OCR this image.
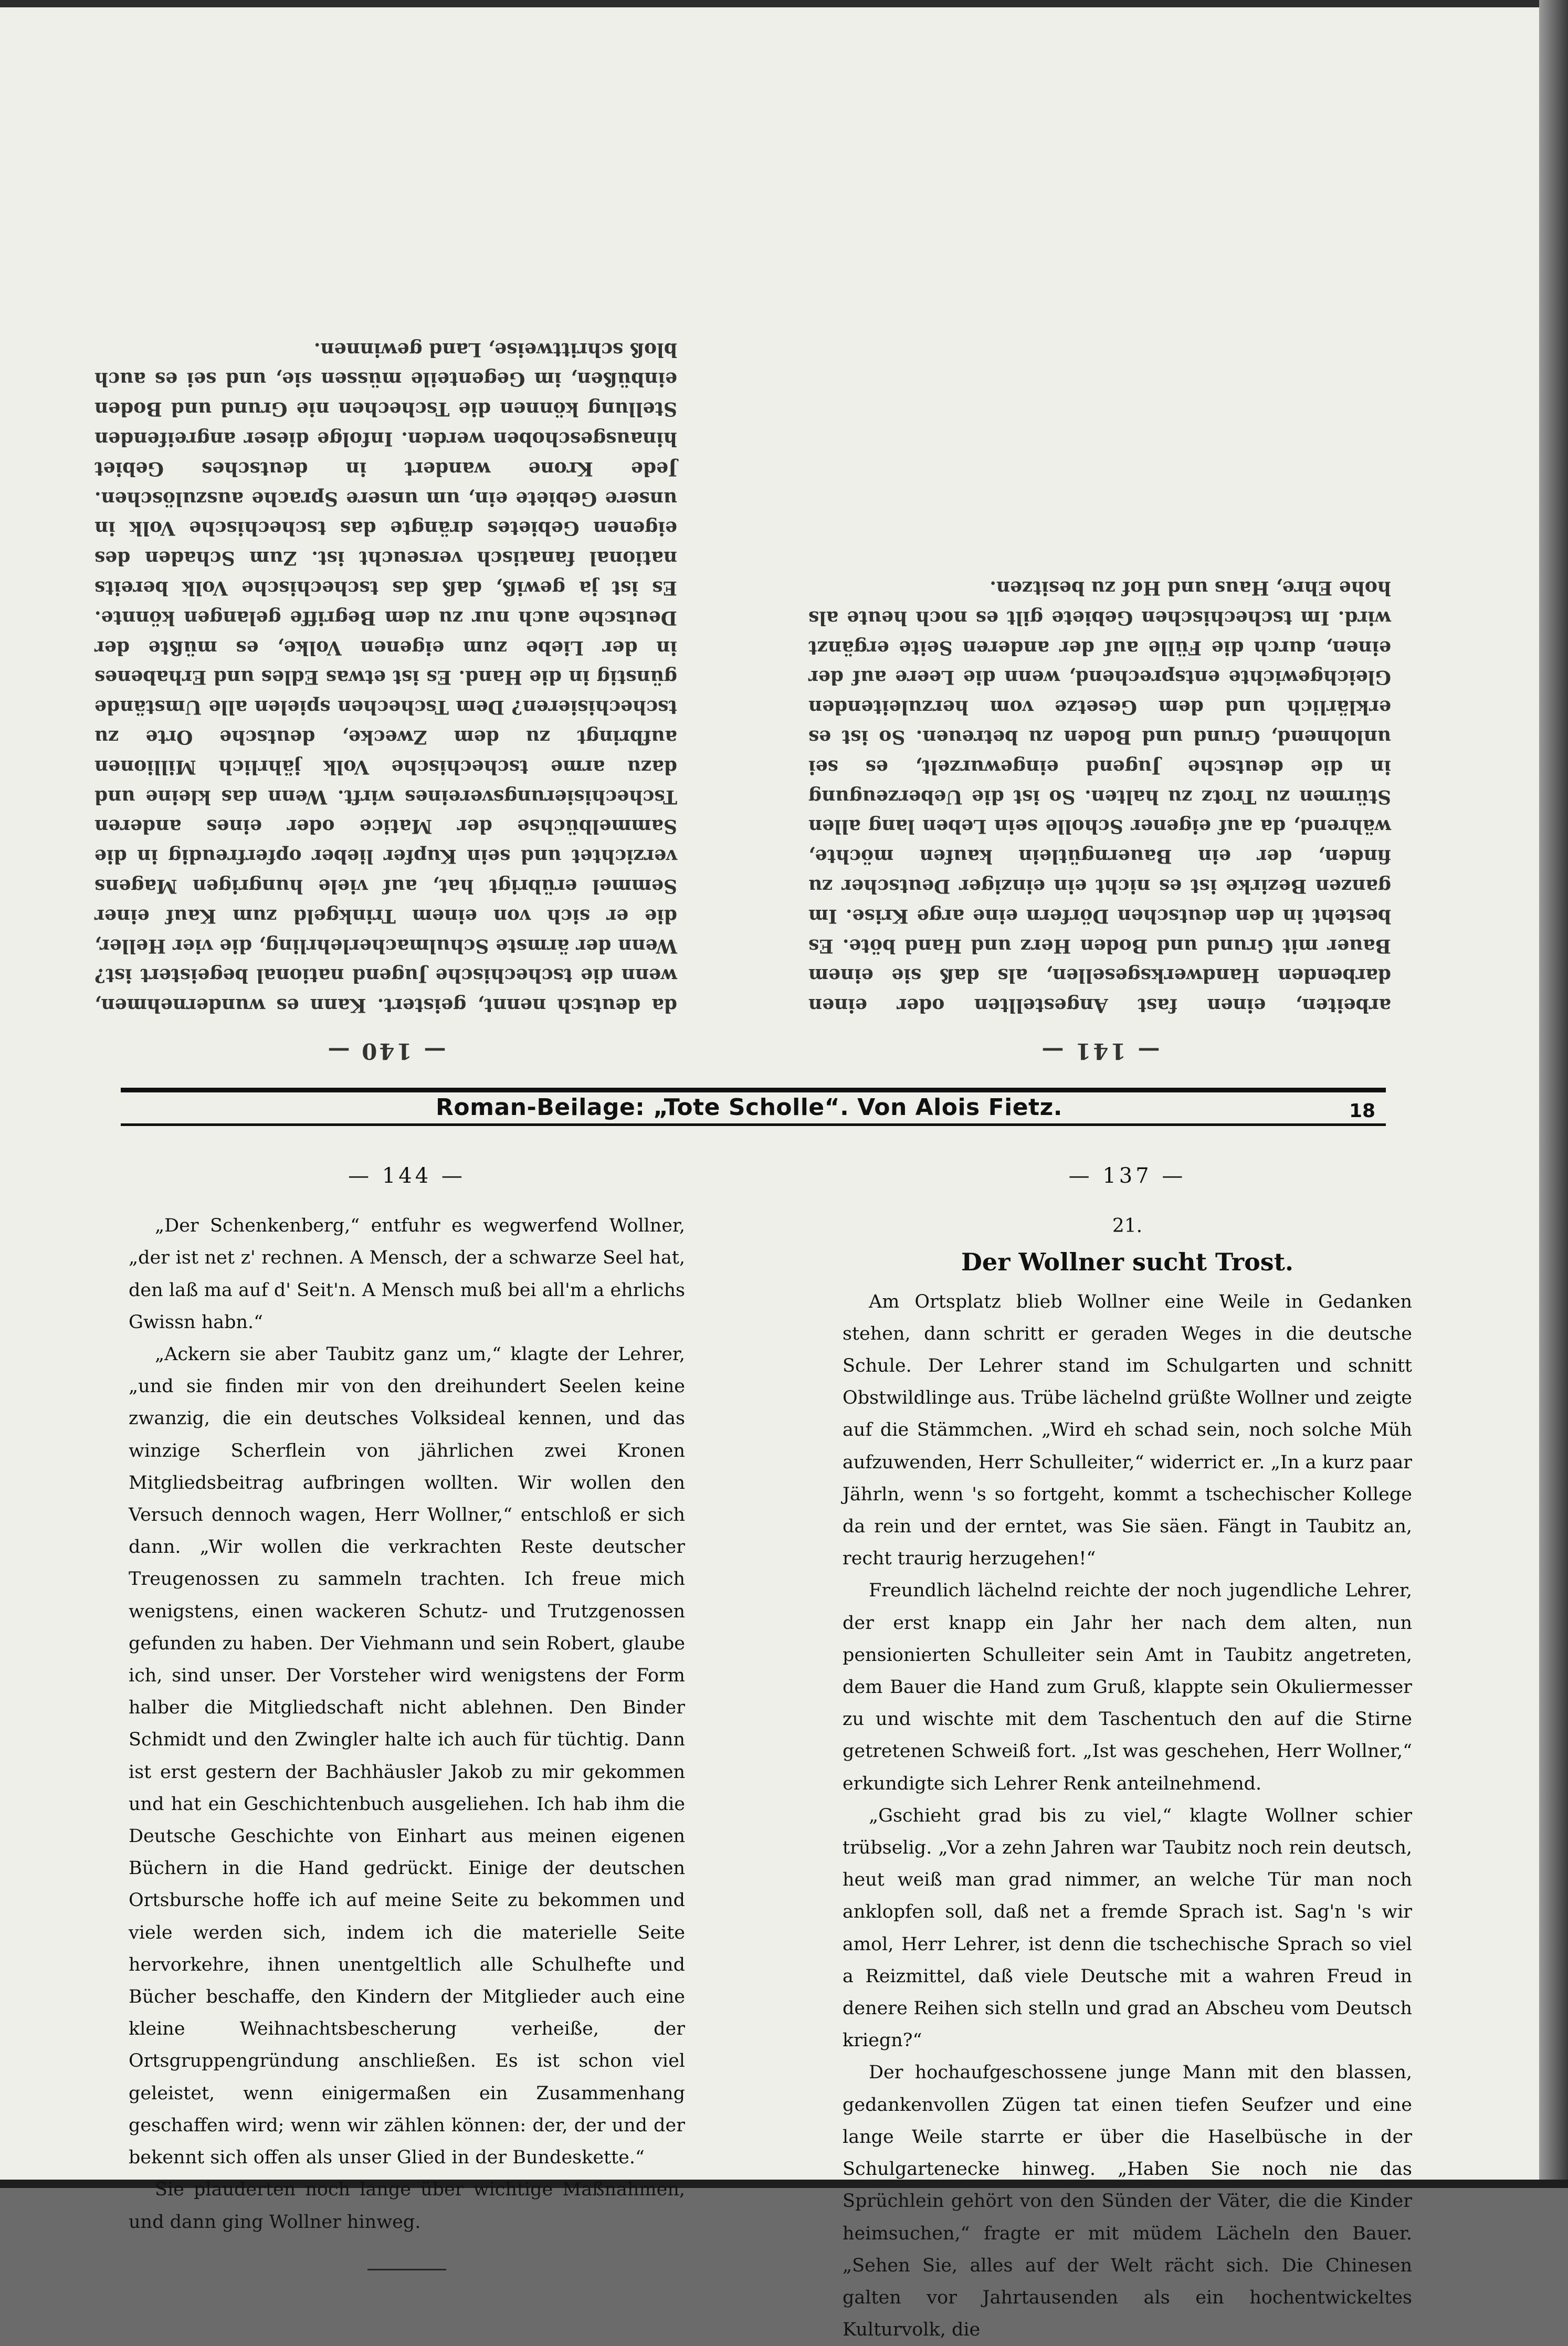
— 141 —
arbeiten, einen fast Angestellten oder einen darbenden Handwerksgesellen, als daß sie einem Bauer mit Grund und Boden Herz und Hand böte. Es besteht in den deutschen Dörfern eine arge Krise. Im ganzen Bezirke ist es nicht ein einziger Deutscher zu finden, der ein Bauerngütlein kaufen möchte, während, da auf eigener Scholle sein Leben lang allen Stürmen zu Trotz zu halten. So ist die Ueberzeugung in die deutsche Jugend eingewurzelt, es sei unlohnend, Grund und Boden zu betreuen. So ist es erklärlich und dem Gesetze vom herzuleitenden Gleichgewichte entsprechend, wenn die Leere auf der einen, durch die Fülle auf der anderen Seite ergänzt wird. Im tschechischen Gebiete gilt es noch heute als hohe Ehre, Haus und Hof zu besitzen.
— 140 —
da deutsch nennt, geistert. Kann es wundernehmen, wenn die tschechische Jugend national begeistert ist? Wenn der ärmste Schulmacherlehrling, die vier Heller, die er sich von einem Trinkgeld zum Kauf einer Semmel erübrigt hat, auf viele hungrigen Magens verzichtet und sein Kupfer lieber opferfreudig in die Sammelbüchse der Matice oder eines anderen Tschechisierungsvereines wirft. Wenn das kleine und dazu arme tschechische Volk jährlich Millionen aufbringt zu dem Zwecke, deutsche Orte zu tschechisieren? Dem Tschechen spielen alle Umstände günstig in die Hand. Es ist etwas Edles und Erhabenes in der Liebe zum eigenen Volke, es müßte der Deutsche auch nur zu dem Begriffe gelangen könnte. Es ist ja gewiß, daß das tschechische Volk bereits national fanatisch verseucht ist. Zum Schaden des eigenen Gebietes drängte das tschechische Volk in unsere Gebiete ein, um unsere Sprache auszulöschen. Jede Krone wandert in deutsches Gebiet hinausgeschoben werden. Infolge dieser angreifenden Stellung können die Tschechen nie Grund und Boden einbüßen, im Gegenteile müssen sie, und sei es auch bloß schrittweise, Land gewinnen.
Roman-Beilage: „Tote Scholle“. Von Alois Fietz.	18

— 144 —

„Der Schenkenberg,“ entfuhr es wegwerfend Wollner, „der ist net z' rechnen. A Mensch, der a schwarze Seel hat, den laß ma auf d' Seit'n. A Mensch muß bei all'm a ehrlichs Gwissn habn.“

„Ackern sie aber Taubitz ganz um,“ klagte der Lehrer, „und sie finden mir von den dreihundert Seelen keine zwanzig, die ein deutsches Volksideal kennen, und das winzige Scherflein von jährlichen zwei Kronen Mitgliedsbeitrag aufbringen wollten. Wir wollen den Versuch dennoch wagen, Herr Wollner,“ entschloß er sich dann. „Wir wollen die verkrachten Reste deutscher Treugenossen zu sammeln trachten. Ich freue mich wenigstens, einen wackeren Schutz- und Trutzgenossen gefunden zu haben. Der Viehmann und sein Robert, glaube ich, sind unser. Der Vorsteher wird wenigstens der Form halber die Mitgliedschaft nicht ablehnen. Den Binder Schmidt und den Zwingler halte ich auch für tüchtig. Dann ist erst gestern der Bachhäusler Jakob zu mir gekommen und hat ein Geschichtenbuch ausgeliehen. Ich hab ihm die Deutsche Geschichte von Einhart aus meinen eigenen Büchern in die Hand gedrückt. Einige der deutschen Ortsbursche hoffe ich auf meine Seite zu bekommen und viele werden sich, indem ich die materielle Seite hervorkehre, ihnen unentgeltlich alle Schulhefte und Bücher beschaffe, den Kindern der Mitglieder auch eine kleine Weihnachtsbescherung verheiße, der Ortsgruppengründung anschließen. Es ist schon viel geleistet, wenn einigermaßen ein Zusammenhang geschaffen wird; wenn wir zählen können: der, der und der bekennt sich offen als unser Glied in der Bundeskette.“

Sie plauderten noch lange über wichtige Maßnahmen, und dann ging Wollner hinweg.

— 137 —

21.

Der Wollner sucht Trost.

Am Ortsplatz blieb Wollner eine Weile in Gedanken stehen, dann schritt er geraden Weges in die deutsche Schule. Der Lehrer stand im Schulgarten und schnitt Obstwildlinge aus. Trübe lächelnd grüßte Wollner und zeigte auf die Stämmchen. „Wird eh schad sein, noch solche Müh aufzuwenden, Herr Schulleiter,“ widerrict er. „In a kurz paar Jährln, wenn 's so fortgeht, kommt a tschechischer Kollege da rein und der erntet, was Sie säen. Fängt in Taubitz an, recht traurig herzugehen!“

Freundlich lächelnd reichte der noch jugendliche Lehrer, der erst knapp ein Jahr her nach dem alten, nun pensionierten Schulleiter sein Amt in Taubitz angetreten, dem Bauer die Hand zum Gruß, klappte sein Okuliermesser zu und wischte mit dem Taschentuch den auf die Stirne getretenen Schweiß fort. „Ist was geschehen, Herr Wollner,“ erkundigte sich Lehrer Renk anteilnehmend.

„Gschieht grad bis zu viel,“ klagte Wollner schier trübselig. „Vor a zehn Jahren war Taubitz noch rein deutsch, heut weiß man grad nimmer, an welche Tür man noch anklopfen soll, daß net a fremde Sprach ist. Sag'n 's wir amol, Herr Lehrer, ist denn die tschechische Sprach so viel a Reizmittel, daß viele Deutsche mit a wahren Freud in denere Reihen sich stelln und grad an Abscheu vom Deutsch kriegn?“

Der hochaufgeschossene junge Mann mit den blassen, gedankenvollen Zügen tat einen tiefen Seufzer und eine lange Weile starrte er über die Haselbüsche in der Schulgartenecke hinweg. „Haben Sie noch nie das Sprüchlein gehört von den Sünden der Väter, die die Kinder heimsuchen,“ fragte er mit müdem Lächeln den Bauer. „Sehen Sie, alles auf der Welt rächt sich. Die Chinesen galten vor Jahrtausenden als ein hochentwickeltes Kulturvolk, die
